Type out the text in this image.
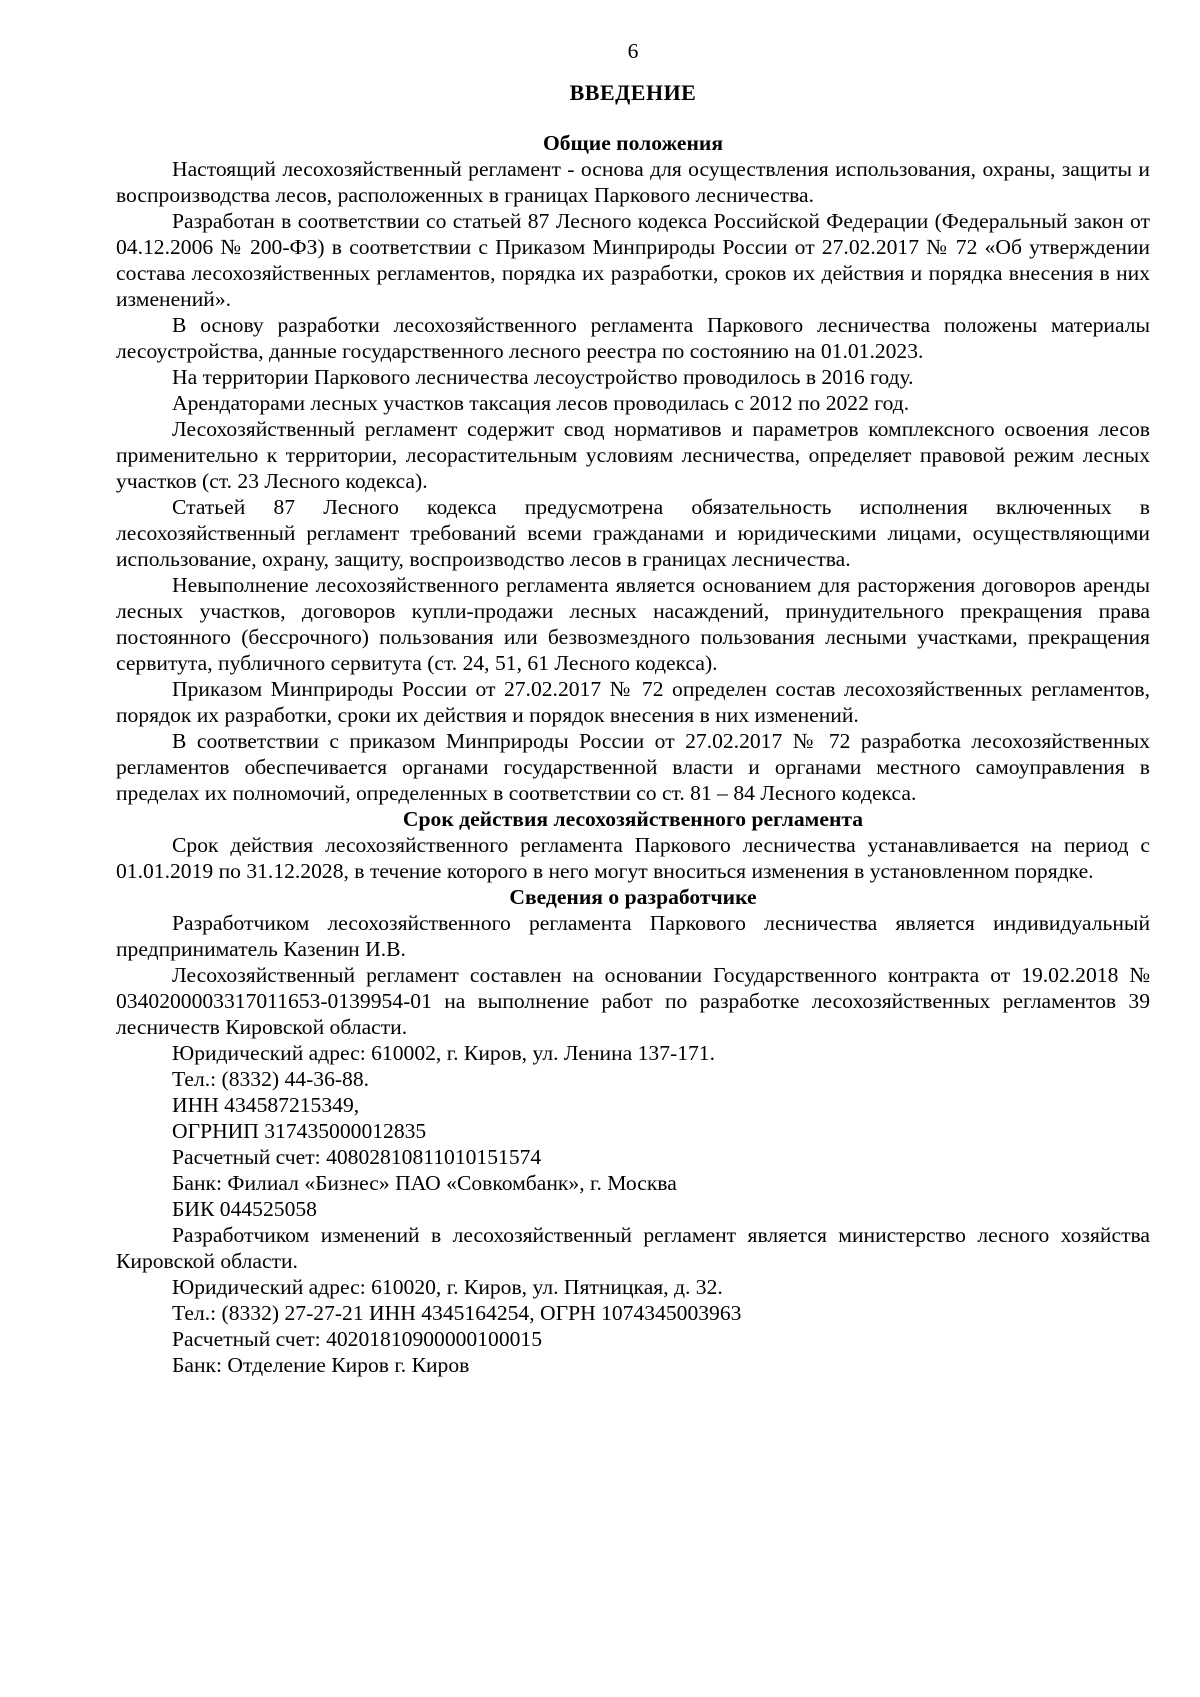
6
ВВЕДЕНИЕ
Общие положения

Настоящий лесохозяйственный регламент - основа для осуществления использования, охраны, защиты и воспроизводства лесов, расположенных в границах Паркового лесничества.

Разработан в соответствии со статьей 87 Лесного кодекса Российской Федерации (Федеральный закон от 04.12.2006 № 200-ФЗ) в соответствии с Приказом Минприроды России от 27.02.2017 № 72 «Об утверждении состава лесохозяйственных регламентов, порядка их разработки, сроков их действия и порядка внесения в них изменений».

В основу разработки лесохозяйственного регламента Паркового лесничества положены материалы лесоустройства, данные государственного лесного реестра по состоянию на 01.01.2023.

На территории Паркового лесничества лесоустройство проводилось в 2016 году.

Арендаторами лесных участков таксация лесов проводилась с 2012 по 2022 год.

Лесохозяйственный регламент содержит свод нормативов и параметров комплексного освоения лесов применительно к территории, лесорастительным условиям лесничества, определяет правовой режим лесных участков (ст. 23 Лесного кодекса).

Статьей 87 Лесного кодекса предусмотрена обязательность исполнения включенных в лесохозяйственный регламент требований всеми гражданами и юридическими лицами, осуществляющими использование, охрану, защиту, воспроизводство лесов в границах лесничества.

Невыполнение лесохозяйственного регламента является основанием для расторжения договоров аренды лесных участков, договоров купли-продажи лесных насаждений, принудительного прекращения права постоянного (бессрочного) пользования или безвозмездного пользования лесными участками, прекращения сервитута, публичного сервитута (ст. 24, 51, 61 Лесного кодекса).

Приказом Минприроды России от 27.02.2017 № 72 определен состав лесохозяйственных регламентов, порядок их разработки, сроки их действия и порядок внесения в них изменений.

В соответствии с приказом Минприроды России от 27.02.2017 № 72 разработка лесохозяйственных регламентов обеспечивается органами государственной власти и органами местного самоуправления в пределах их полномочий, определенных в соответствии со ст. 81 – 84 Лесного кодекса.

Срок действия лесохозяйственного регламента

Срок действия лесохозяйственного регламента Паркового лесничества устанавливается на период с 01.01.2019 по 31.12.2028, в течение которого в него могут вноситься изменения в установленном порядке.

Сведения о разработчике

Разработчиком лесохозяйственного регламента Паркового лесничества является индивидуальный предприниматель Казенин И.В.

Лесохозяйственный регламент составлен на основании Государственного контракта от 19.02.2018 № 0340200003317011653-0139954-01 на выполнение работ по разработке лесохозяйственных регламентов 39 лесничеств Кировской области.

Юридический адрес: 610002, г. Киров, ул. Ленина 137-171.

Тел.: (8332) 44-36-88.

ИНН 434587215349,

ОГРНИП 317435000012835

Расчетный счет: 40802810811010151574

Банк: Филиал «Бизнес» ПАО «Совкомбанк», г. Москва

БИК 044525058

Разработчиком изменений в лесохозяйственный регламент является министерство лесного хозяйства Кировской области.

Юридический адрес: 610020, г. Киров, ул. Пятницкая, д. 32.

Тел.: (8332) 27-27-21 ИНН 4345164254, ОГРН 1074345003963

Расчетный счет: 40201810900000100015

Банк: Отделение Киров г. Киров
